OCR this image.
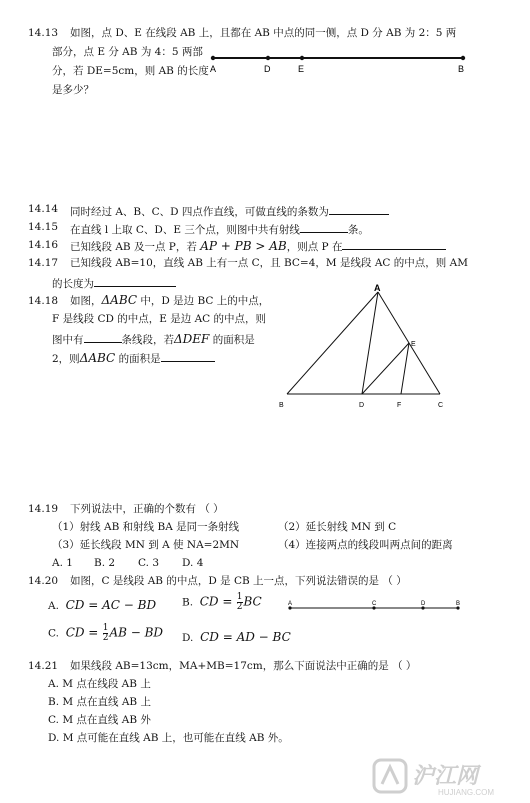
14.13 如图，点 D、E 在线段 AB 上，且都在 AB 中点的同一侧，点 D 分 AB 为 2：5 两
部分，点 E 分 AB 为 4：5 两部
分，若 DE=5cm，则 AB 的长度
是多少？
A	D	E	B
14.14 同时经过 A、B、C、D 四点作直线，可做直线的条数为
14.15 在直线 l 上取 C、D、E 三个点，则图中共有射线	条。
14.16 已知线段 AB 及一点 P，若 AP + PB > AB，则点 P 在
14.17 已知线段 AB=10，直线 AB 上有一点 C，且 BC=4，M 是线段 AC 的中点，则 AM
的长度为
14.18 如图，ΔABC 中，D 是边 BC 上的中点，
F 是线段 CD 的中点，E 是边 AC 的中点，则
图中有	条线段，若ΔDEF 的面积是
2，则ΔABC 的面积是
A
B	C
D
E
F
14.19 下列说法中，正确的个数有 （ ）
（1）射线 AB 和射线 BA 是同一条射线	（2）延长射线 MN 到 C
（3）延长线段 MN 到 A 使 NA=2MN	（4）连接两点的线段叫两点间的距离
A. 1 B. 2 C. 3 D. 4
14.20 如图，C 是线段 AB 的中点，D 是 CB 上一点，下列说法错误的是 （ ）
A. CD = AC − BD B. CD = $\frac{1}{2}$ BC
C. CD = $\frac{1}{2}$ AB − BD D. CD = AD − BC
A	C	D	B
14.21 如果线段 AB=13cm，MA+MB=17cm，那么下面说法中正确的是 （ ）
A. M 点在线段 AB 上
B. M 点在直线 AB 上
C. M 点在直线 AB 外
D. M 点可能在直线 AB 上，也可能在直线 AB 外。
沪江网
HUJIANG.COM
